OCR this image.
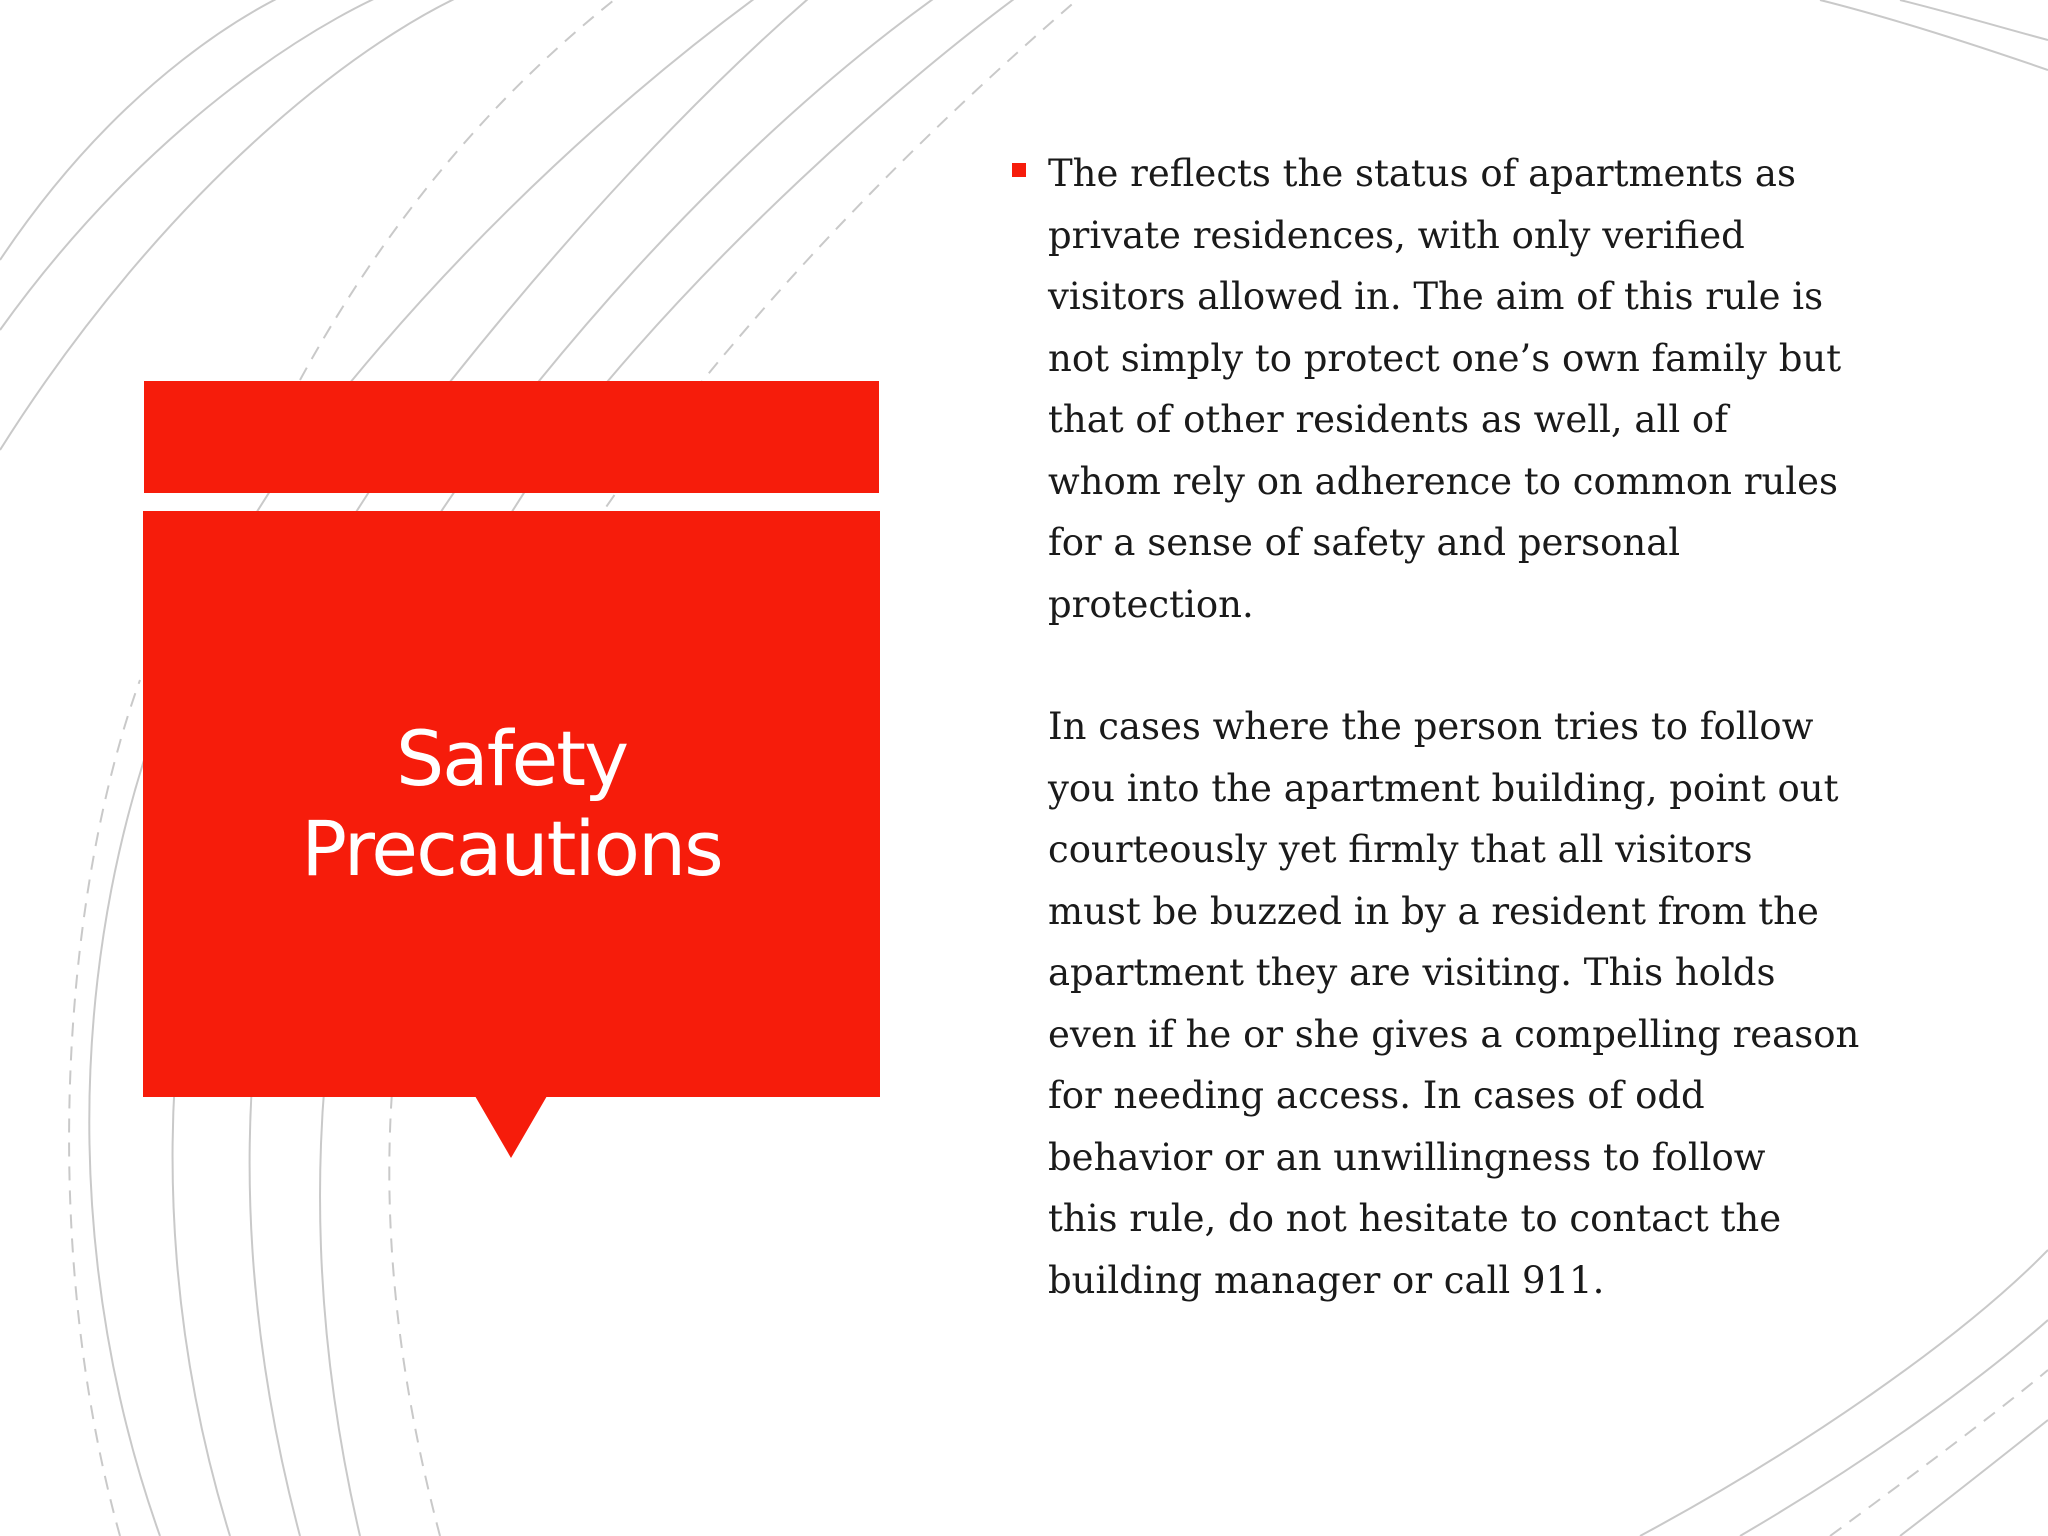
Safety Precautions

The reflects the status of apartments as
private residences, with only verified
visitors allowed in. The aim of this rule is
not simply to protect one’s own family but
that of other residents as well, all of
whom rely on adherence to common rules
for a sense of safety and personal
protection.

In cases where the person tries to follow
you into the apartment building, point out
courteously yet firmly that all visitors
must be buzzed in by a resident from the
apartment they are visiting. This holds
even if he or she gives a compelling reason
for needing access. In cases of odd
behavior or an unwillingness to follow
this rule, do not hesitate to contact the
building manager or call 911.
